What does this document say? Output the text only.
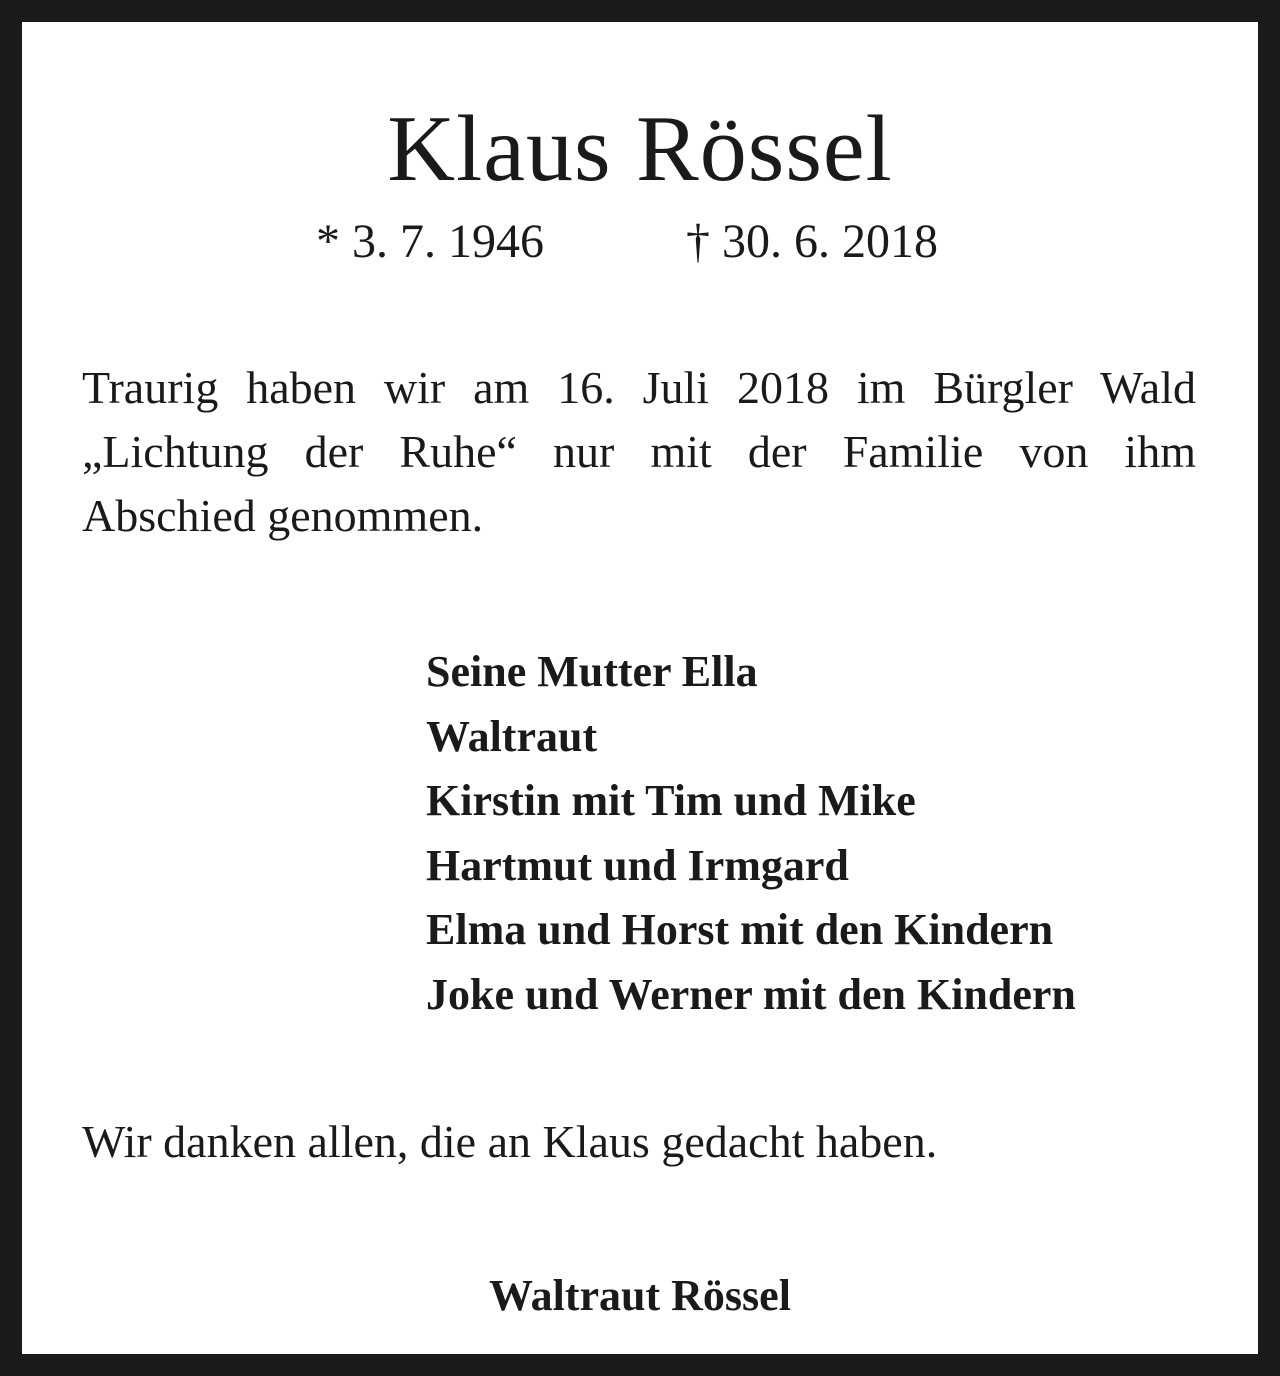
Klaus Rössel
* 3. 7. 1946	† 30. 6. 2018

Traurig haben wir am 16. Juli 2018 im Bürgler Wald
„Lichtung der Ruhe“ nur mit der Familie von ihm
Abschied genommen.

Seine Mutter Ella
Waltraut
Kirstin mit Tim und Mike
Hartmut und Irmgard
Elma und Horst mit den Kindern
Joke und Werner mit den Kindern

Wir danken allen, die an Klaus gedacht haben.

Waltraut Rössel
